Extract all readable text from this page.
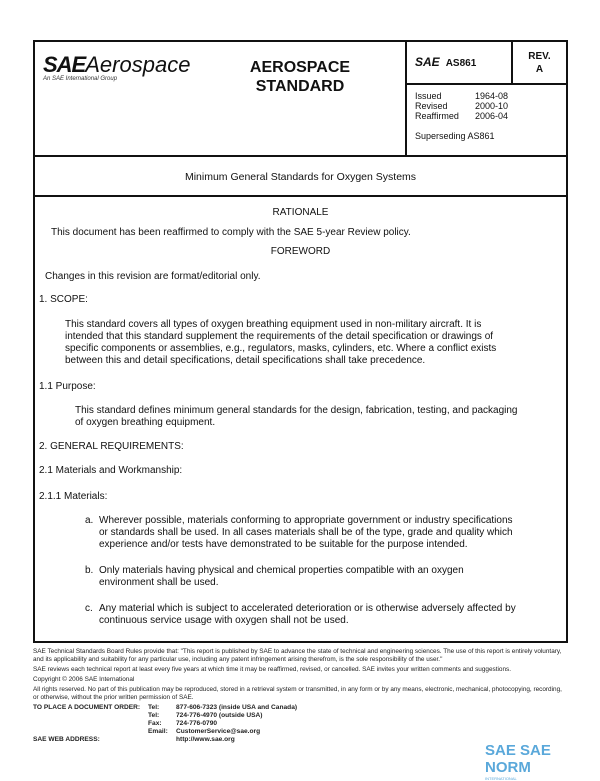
SAEAerospace
An SAE International Group
AEROSPACE
STANDARD
SAE AS861
REV.
A
Issued	1964-08
Revised	2000-10
Reaffirmed	2006-04
Superseding AS861
Minimum General Standards for Oxygen Systems
RATIONALE
This document has been reaffirmed to comply with the SAE 5-year Review policy.
FOREWORD
Changes in this revision are format/editorial only.
1. SCOPE:
This standard covers all types of oxygen breathing equipment used in non-military aircraft. It is
intended that this standard supplement the requirements of the detail specification or drawings of
specific components or assemblies, e.g., regulators, masks, cylinders, etc. Where a conflict exists
between this and detail specifications, detail specifications shall take precedence.
1.1 Purpose:
This standard defines minimum general standards for the design, fabrication, testing, and packaging
of oxygen breathing equipment.
2. GENERAL REQUIREMENTS:
2.1 Materials and Workmanship:
2.1.1 Materials:
a. Wherever possible, materials conforming to appropriate government or industry specifications
or standards shall be used. In all cases materials shall be of the type, grade and quality which
experience and/or tests have demonstrated to be suitable for the purpose intended.
b. Only materials having physical and chemical properties compatible with an oxygen
environment shall be used.
c. Any material which is subject to accelerated deterioration or is otherwise adversely affected by
continuous service usage with oxygen shall not be used.

SAE Technical Standards Board Rules provide that: "This report is published by SAE to advance the state of technical and engineering sciences. The use of this report is entirely voluntary, and its applicability and suitability for any particular use, including any patent infringement arising therefrom, is the sole responsibility of the user."

SAE reviews each technical report at least every five years at which time it may be reaffirmed, revised, or cancelled. SAE invites your written comments and suggestions.

Copyright © 2006 SAE International

All rights reserved. No part of this publication may be reproduced, stored in a retrieval system or transmitted, in any form or by any means, electronic, mechanical, photocopying, recording, or otherwise, without the prior written permission of SAE.

TO PLACE A DOCUMENT ORDER:	Tel:	877-606-7323 (inside USA and Canada)
Tel:	724-776-4970 (outside USA)
Fax:	724-776-0790
Email:	CustomerService@sae.org
SAE WEB ADDRESS:	http://www.sae.org
SAE SAE NORM
INTERNATIONAL
